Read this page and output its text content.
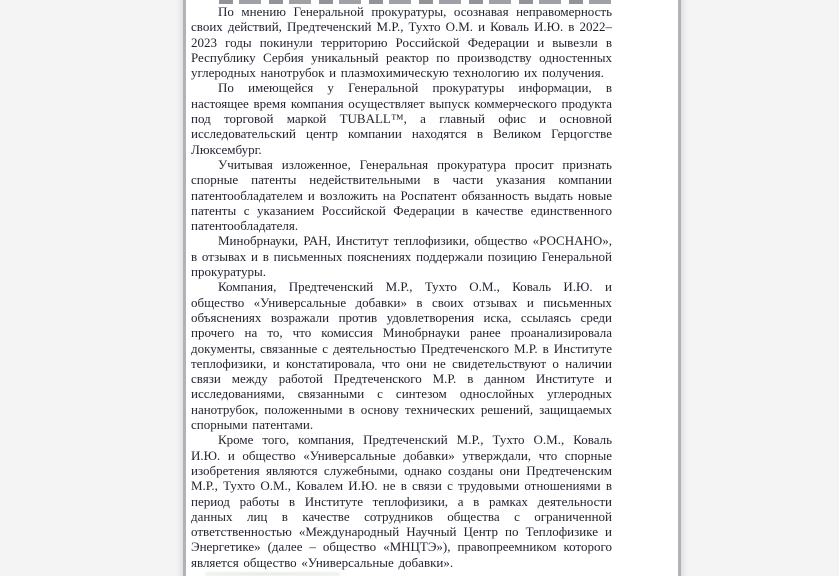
По мнению Генеральной прокуратуры, осознавая неправомерность своих действий, Предтеченский М.Р., Тухто О.М. и Коваль И.Ю. в 2022–2023 годы покинули территорию Российской Федерации и вывезли в Республику Сербия уникальный реактор по производству одностенных углеродных нанотрубок и плазмохимическую технологию их получения.

По имеющейся у Генеральной прокуратуры информации, в настоящее время компания осуществляет выпуск коммерческого продукта под торговой маркой TUBALL™, а главный офис и основной исследовательский центр компании находятся в Великом Герцогстве Люксембург.

Учитывая изложенное, Генеральная прокуратура просит признать спорные патенты недействительными в части указания компании патентообладателем и возложить на Роспатент обязанность выдать новые патенты с указанием Российской Федерации в качестве единственного патентообладателя.

Минобрнауки, РАН, Институт теплофизики, общество «РОСНАНО», в отзывах и в письменных пояснениях поддержали позицию Генеральной прокуратуры.

Компания, Предтеченский М.Р., Тухто О.М., Коваль И.Ю. и общество «Универсальные добавки» в своих отзывах и письменных объяснениях возражали против удовлетворения иска, ссылаясь среди прочего на то, что комиссия Минобрнауки ранее проанализировала документы, связанные с деятельностью Предтеченского М.Р. в Институте теплофизики, и констатировала, что они не свидетельствуют о наличии связи между работой Предтеченского М.Р. в данном Институте и исследованиями, связанными с синтезом однослойных углеродных нанотрубок, положенными в основу технических решений, защищаемых спорными патентами.

Кроме того, компания, Предтеченский М.Р., Тухто О.М., Коваль И.Ю. и общество «Универсальные добавки» утверждали, что спорные изобретения являются служебными, однако созданы они Предтеченским М.Р., Тухто О.М., Ковалем И.Ю. не в связи с трудовыми отношениями в период работы в Институте теплофизики, а в рамках деятельности данных лиц в качестве сотрудников общества с ограниченной ответственностью «Международный Научный Центр по Теплофизике и Энергетике» (далее – общество «МНЦТЭ»), правопреемником которого является общество «Универсальные добавки».
